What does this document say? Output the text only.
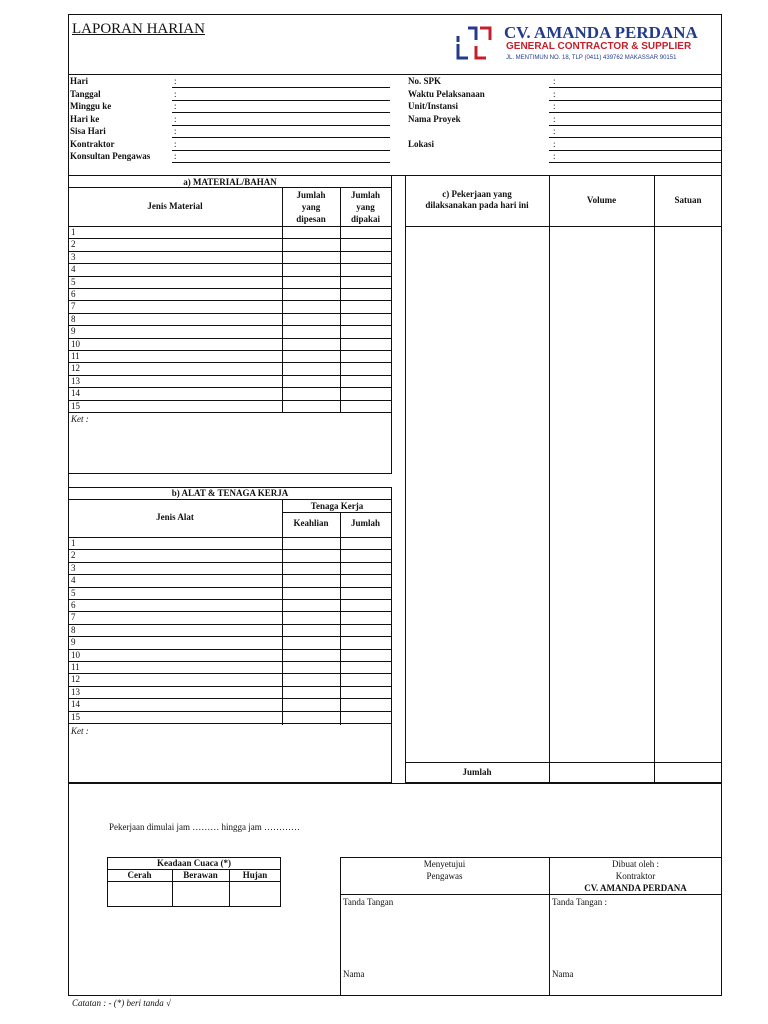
LAPORAN HARIAN	CV. AMANDA PERDANA
GENERAL CONTRACTOR & SUPPLIER
JL. MENTIMUN NO. 18, TLP (0411) 439762 MAKASSAR 90151
Hari	:
Tanggal	:
Minggu ke	:
Hari ke	:
Sisa Hari	:
Kontraktor	:
Konsultan Pengawas	:
No. SPK	:
Waktu Pelaksanaan	:
Unit/Instansi	:
Nama Proyek	:
:
Lokasi	:
:
a) MATERIAL/BAHAN
Jenis Material
Jumlah
yang
dipesan
Jumlah
yang
dipakai
1
2
3
4
5
6
7
8
9
10
11
12
13
14
15
Ket :
b) ALAT & TENAGA KERJA
Jenis Alat
Tenaga Kerja
Keahlian	Jumlah
1
2
3
4
5
6
7
8
9
10
11
12
13
14
15
Ket :
c) Pekerjaan yang
dilaksanakan pada hari ini	Volume	Satuan
Jumlah
Pekerjaan dimulai jam ……… hingga jam …………
Keadaan Cuaca (*)
Cerah	Berawan	Hujan
Menyetujui
Pengawas
Tanda Tangan
Nama
Dibuat oleh :
Kontraktor
CV. AMANDA PERDANA
Tanda Tangan :
Nama
Catatan : - (*) beri tanda √
